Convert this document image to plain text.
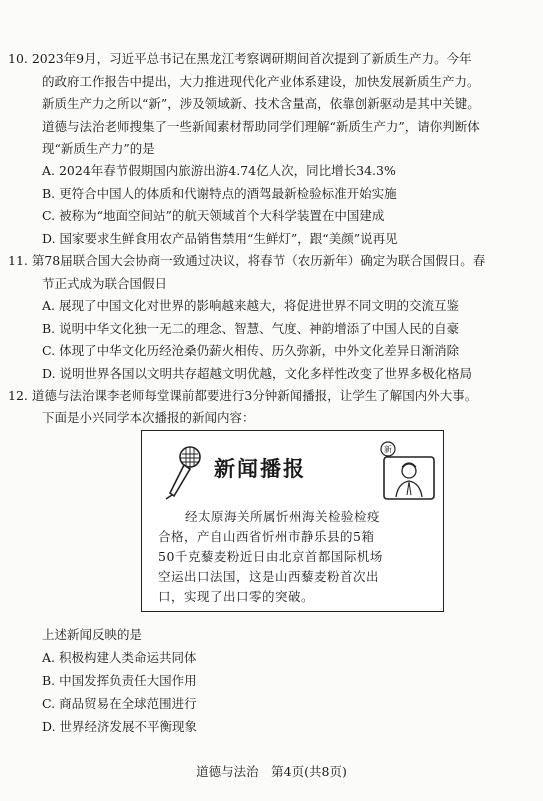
10. 2023年9月，习近平总书记在黑龙江考察调研期间首次提到了新质生产力。今年
的政府工作报告中提出，大力推进现代化产业体系建设，加快发展新质生产力。
新质生产力之所以“新”，涉及领域新、技术含量高，依靠创新驱动是其中关键。
道德与法治老师搜集了一些新闻素材帮助同学们理解“新质生产力”，请你判断体
现“新质生产力”的是
A. 2024年春节假期国内旅游出游4.74亿人次，同比增长34.3%
B. 更符合中国人的体质和代谢特点的酒驾最新检验标准开始实施
C. 被称为“地面空间站”的航天领域首个大科学装置在中国建成
D. 国家要求生鲜食用农产品销售禁用“生鲜灯”，跟“美颜”说再见
11. 第78届联合国大会协商一致通过决议，将春节（农历新年）确定为联合国假日。春
节正式成为联合国假日
A. 展现了中国文化对世界的影响越来越大，将促进世界不同文明的交流互鉴
B. 说明中华文化独一无二的理念、智慧、气度、神韵增添了中国人民的自豪
C. 体现了中华文化历经沧桑仍薪火相传、历久弥新，中外文化差异日渐消除
D. 说明世界各国以文明共存超越文明优越，文化多样性改变了世界多极化格局
12. 道德与法治课李老师每堂课前都要进行3分钟新闻播报，让学生了解国内外大事。
下面是小兴同学本次播报的新闻内容：
新闻播报
新
经太原海关所属忻州海关检验检疫
合格，产自山西省忻州市静乐县的5箱
50千克藜麦粉近日由北京首都国际机场
空运出口法国，这是山西藜麦粉首次出
口，实现了出口零的突破。
上述新闻反映的是
A. 积极构建人类命运共同体
B. 中国发挥负责任大国作用
C. 商品贸易在全球范围进行
D. 世界经济发展不平衡现象
道德与法治　第4页(共8页)
